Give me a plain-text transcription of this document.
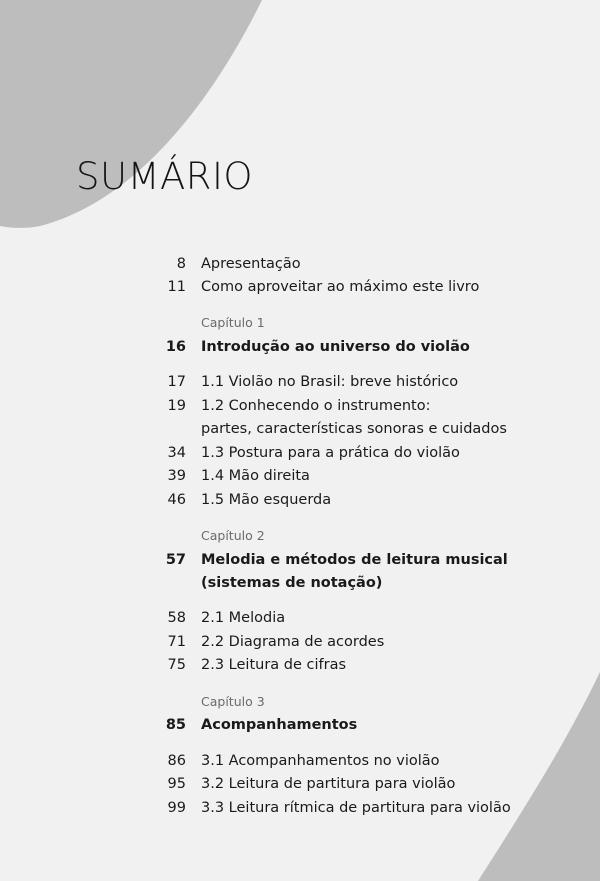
SUMÁRIO
8 Apresentação
11 Como aproveitar ao máximo este livro
Capítulo 1
16 Introdução ao universo do violão
17 1.1 Violão no Brasil: breve histórico
19 1.2 Conhecendo o instrumento:
partes, características sonoras e cuidados
34 1.3 Postura para a prática do violão
39 1.4 Mão direita
46 1.5 Mão esquerda
Capítulo 2
57 Melodia e métodos de leitura musical
(sistemas de notação)
58 2.1 Melodia
71 2.2 Diagrama de acordes
75 2.3 Leitura de cifras
Capítulo 3
85 Acompanhamentos
86 3.1 Acompanhamentos no violão
95 3.2 Leitura de partitura para violão
99 3.3 Leitura rítmica de partitura para violão
